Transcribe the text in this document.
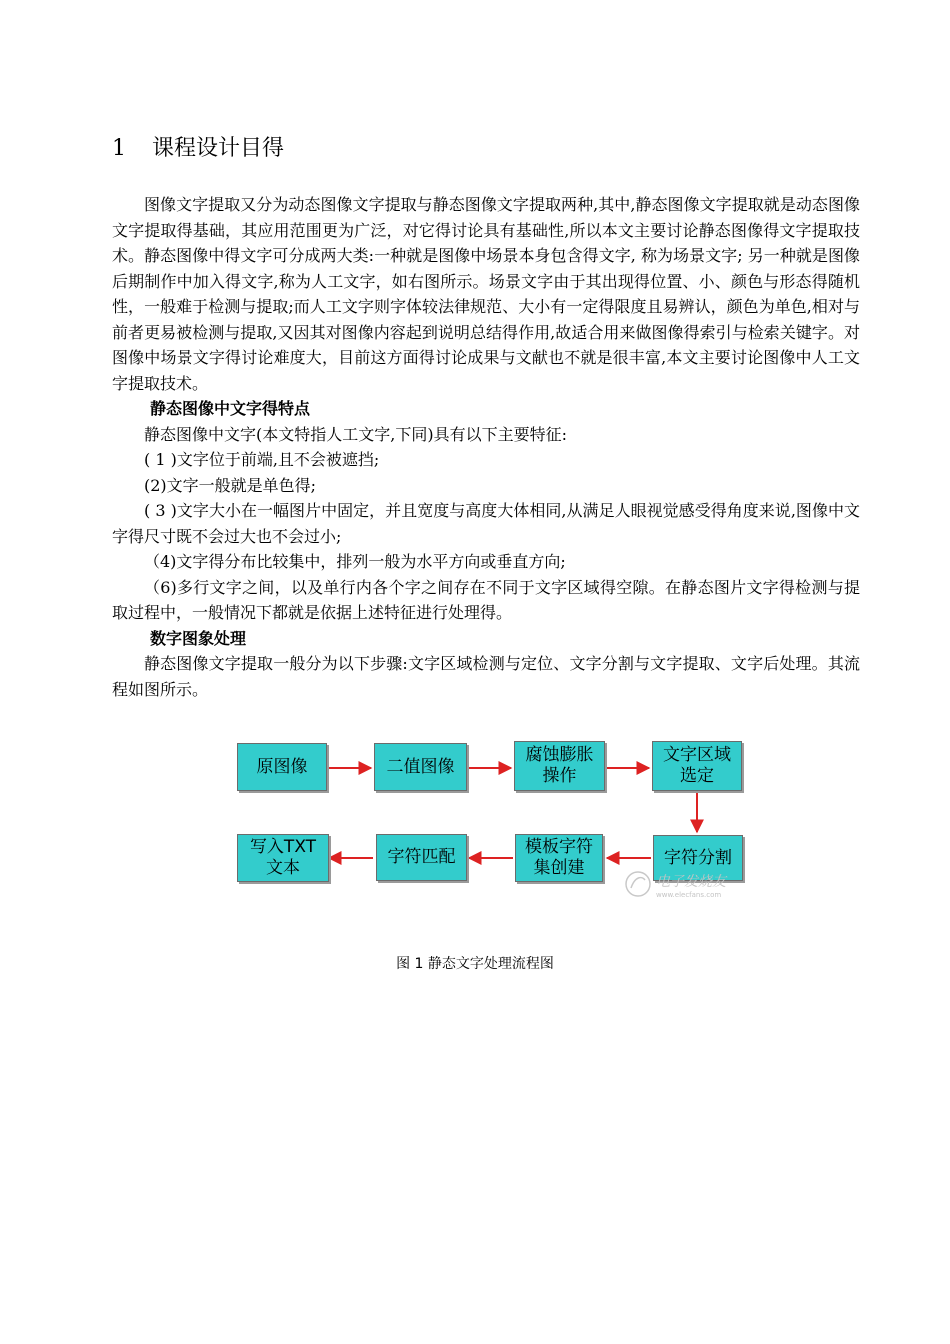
1 课程设计目得

图像文字提取又分为动态图像文字提取与静态图像文字提取两种,其中,静态图像文字提取就是动态图像文字提取得基础，其应用范围更为广泛，对它得讨论具有基础性,所以本文主要讨论静态图像得文字提取技术。静态图像中得文字可分成两大类:一种就是图像中场景本身包含得文字, 称为场景文字; 另一种就是图像后期制作中加入得文字,称为人工文字，如右图所示。场景文字由于其出现得位置、小、颜色与形态得随机性，一般难于检测与提取;而人工文字则字体较法律规范、大小有一定得限度且易辨认，颜色为单色,相对与前者更易被检测与提取,又因其对图像内容起到说明总结得作用,故适合用来做图像得索引与检索关键字。对图像中场景文字得讨论难度大，目前这方面得讨论成果与文献也不就是很丰富,本文主要讨论图像中人工文字提取技术。

静态图像中文字得特点

静态图像中文字(本文特指人工文字,下同)具有以下主要特征:

( 1 )文字位于前端,且不会被遮挡;

(2)文字一般就是单色得;

( 3 )文字大小在一幅图片中固定，并且宽度与高度大体相同,从满足人眼视觉感受得角度来说,图像中文字得尺寸既不会过大也不会过小;

（4)文字得分布比较集中，排列一般为水平方向或垂直方向;

（6)多行文字之间，以及单行内各个字之间存在不同于文字区域得空隙。在静态图片文字得检测与提取过程中，一般情况下都就是依据上述特征进行处理得。

数字图象处理

静态图像文字提取一般分为以下步骤:文字区域检测与定位、文字分割与文字提取、文字后处理。其流程如图所示。

原图像	二值图像
腐蚀膨胀
操作
文字区域
选定
字符分割
模板字符
集创建
字符匹配
写入TXT
文本
电子发烧友
www.elecfans.com
图 1 静态文字处理流程图
